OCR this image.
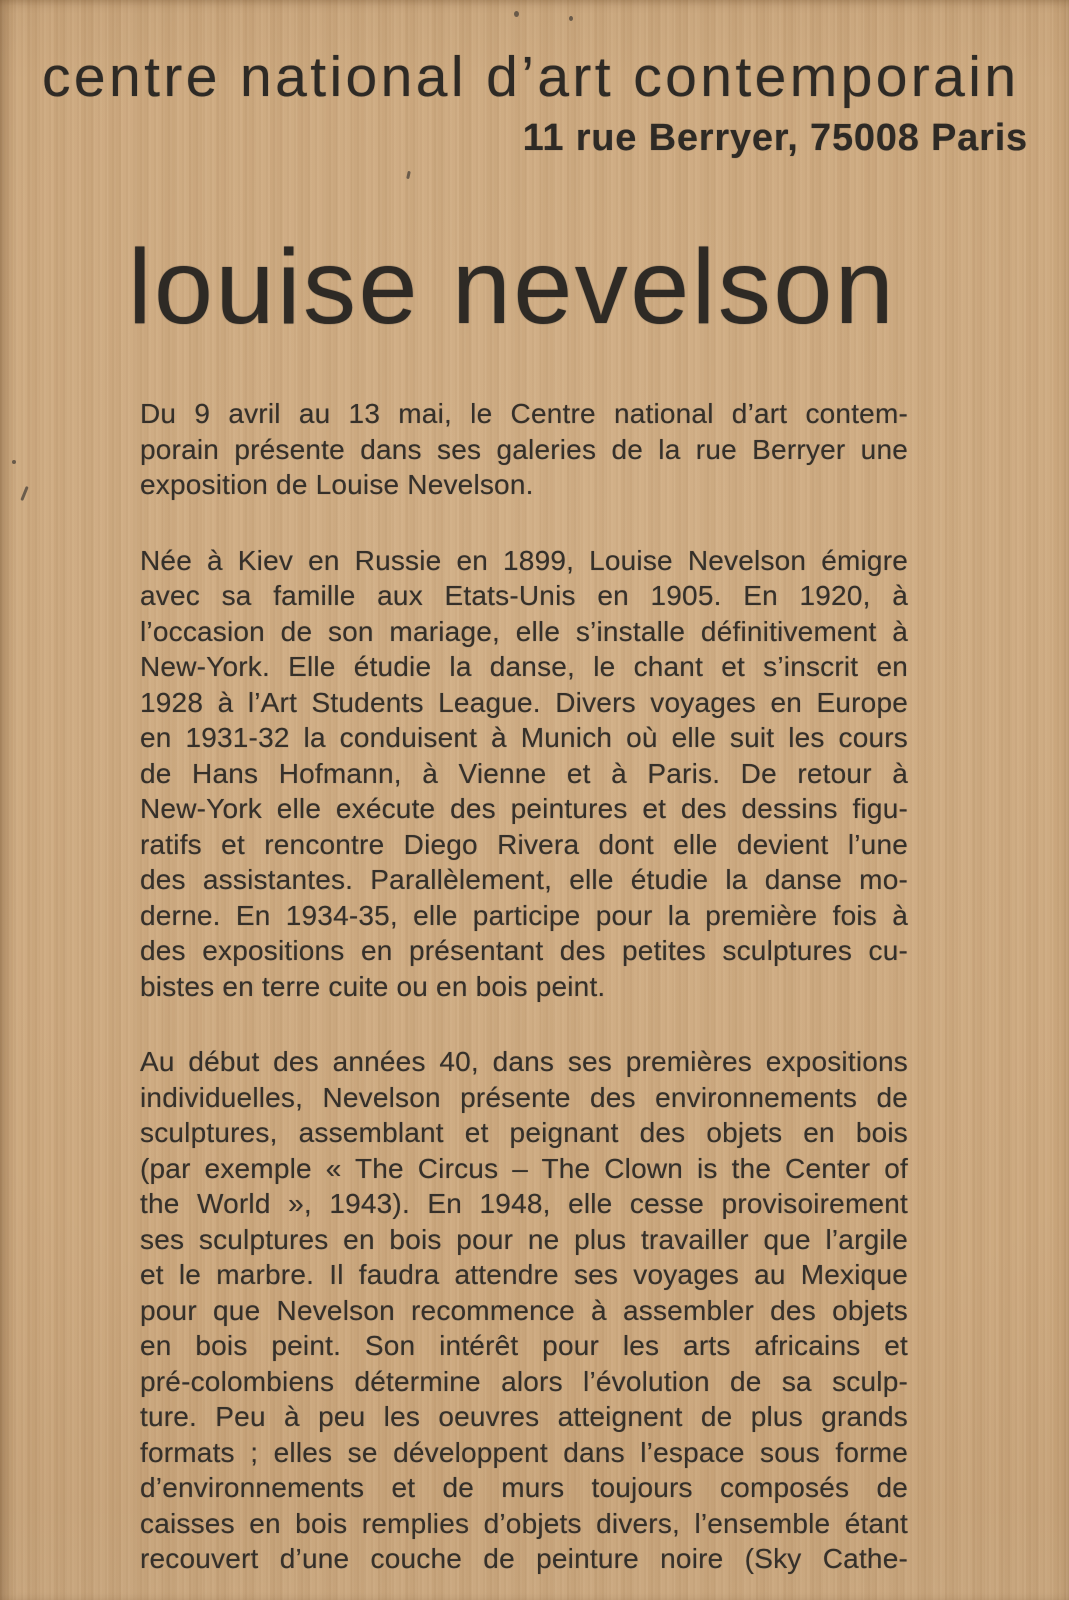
centre national d’art contemporain
11 rue Berryer, 75008 Paris
louise nevelson
Du 9 avril au 13 mai, le Centre national d’art contem-
porain présente dans ses galeries de la rue Berryer une
exposition de Louise Nevelson.
Née à Kiev en Russie en 1899, Louise Nevelson émigre
avec sa famille aux Etats-Unis en 1905. En 1920, à
l’occasion de son mariage, elle s’installe définitivement à
New-York. Elle étudie la danse, le chant et s’inscrit en
1928 à l’Art Students League. Divers voyages en Europe
en 1931-32 la conduisent à Munich où elle suit les cours
de Hans Hofmann, à Vienne et à Paris. De retour à
New-York elle exécute des peintures et des dessins figu-
ratifs et rencontre Diego Rivera dont elle devient l’une
des assistantes. Parallèlement, elle étudie la danse mo-
derne. En 1934-35, elle participe pour la première fois à
des expositions en présentant des petites sculptures cu-
bistes en terre cuite ou en bois peint.
Au début des années 40, dans ses premières expositions
individuelles, Nevelson présente des environnements de
sculptures, assemblant et peignant des objets en bois
(par exemple « The Circus – The Clown is the Center of
the World », 1943). En 1948, elle cesse provisoirement
ses sculptures en bois pour ne plus travailler que l’argile
et le marbre. Il faudra attendre ses voyages au Mexique
pour que Nevelson recommence à assembler des objets
en bois peint. Son intérêt pour les arts africains et
pré-colombiens détermine alors l’évolution de sa sculp-
ture. Peu à peu les oeuvres atteignent de plus grands
formats ; elles se développent dans l’espace sous forme
d’environnements et de murs toujours composés de
caisses en bois remplies d’objets divers, l’ensemble étant
recouvert d’une couche de peinture noire (Sky Cathe-
